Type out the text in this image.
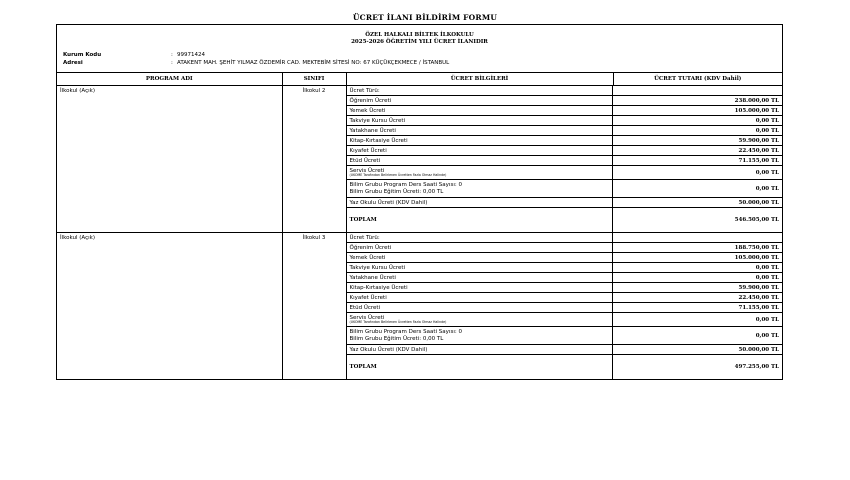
ÜCRET İLANI BİLDİRİM FORMU
ÖZEL HALKALI BİLTEK İLKOKULU
2025-2026 ÖĞRETİM YILI ÜCRET İLANIDIR
Kurum Kodu	: 99971424
Adresi	: ATAKENT MAH. ŞEHİT YILMAZ ÖZDEMİR CAD. MEKTEBİM SİTESİ NO: 67 KÜÇÜKÇEKMECE / İSTANBUL
PROGRAM ADI	SINIFI		ÜCRET BİLGİLERİ	ÜCRET TUTARI (KDV Dahil)

İlkokul (Açık)	İlkokul 2		Ücret Türü:	
Öğrenim Ücreti	238.000,00 TL
Yemek Ücreti	105.000,00 TL
Takviye Kursu Ücreti	0,00 TL
Yatakhane Ücreti	0,00 TL
Kitap-Kırtasiye Ücreti	59.900,00 TL
Kıyafet Ücreti	22.450,00 TL
Etüd Ücreti	71.155,00 TL
Servis Ücreti
(UKOME Tarafından Belirlenen Ücretten Fazla Olmaz Halinde)	0,00 TL

Bilim Grubu Program Ders Saati Sayısı: 0
Bilim Grubu Eğitim Ücreti: 0,00 TL	0,00 TL
Yaz Okulu Ücreti (KDV Dahil)	50.000,00 TL
TOPLAM	546.505,00 TL

İlkokul (Açık)	İlkokul 3		Ücret Türü:	
Öğrenim Ücreti	188.750,00 TL
Yemek Ücreti	105.000,00 TL
Takviye Kursu Ücreti	0,00 TL
Yatakhane Ücreti	0,00 TL
Kitap-Kırtasiye Ücreti	59.900,00 TL
Kıyafet Ücreti	22.450,00 TL
Etüd Ücreti	71.155,00 TL
Servis Ücreti
(UKOME Tarafından Belirlenen Ücretten Fazla Olmaz Halinde)	0,00 TL

Bilim Grubu Program Ders Saati Sayısı: 0
Bilim Grubu Eğitim Ücreti: 0,00 TL	0,00 TL
Yaz Okulu Ücreti (KDV Dahil)	50.000,00 TL
TOPLAM	497.255,00 TL
